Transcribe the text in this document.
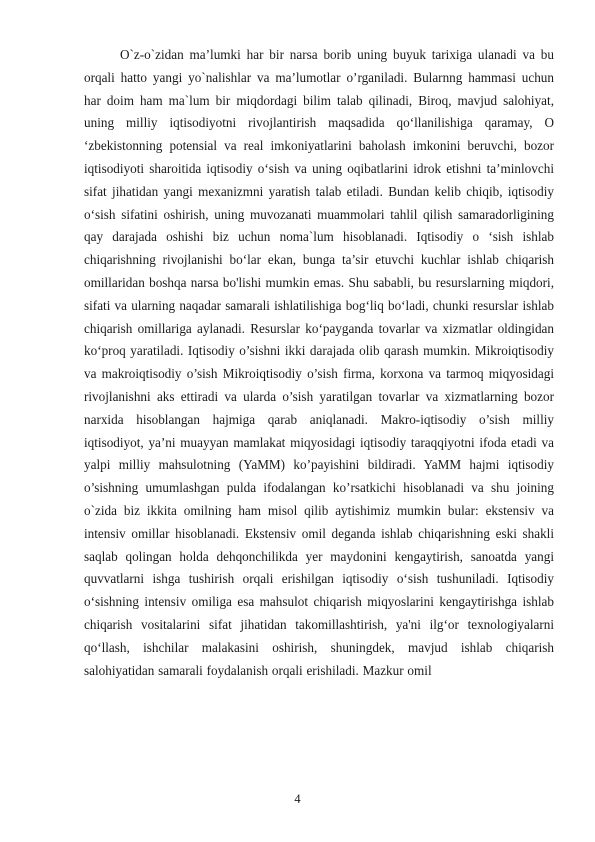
O`z-o`zidan ma’lumki har bir narsa borib uning buyuk tarixiga ulanadi va bu orqali hatto yangi yo`nalishlar va ma’lumotlar o’rganiladi. Bularnng hammasi uchun har doim ham ma`lum bir miqdordagi bilim talab qilinadi, Biroq, mavjud salohiyat, uning milliy iqtisodiyotni rivojlantirish maqsadida qo‘llanilishiga qaramay, O ‘zbekistonning potensial va real imkoniyatlarini baholash imkonini beruvchi, bozor iqtisodiyoti sharoitida iqtisodiy o‘sish va uning oqibatlarini idrok etishni ta’minlovchi sifat jihatidan yangi mexanizmni yaratish talab etiladi. Bundan kelib chiqib, iqtisodiy o‘sish sifatini oshirish, uning muvozanati muammolari tahlil qilish samaradorligining qay darajada oshishi biz uchun noma`lum hisoblanadi. Iqtisodiy o ‘sish ishlab chiqarishning rivojlanishi bo‘lar ekan, bunga ta’sir etuvchi kuchlar ishlab chiqarish omillaridan boshqa narsa bo'lishi mumkin emas. Shu sababli, bu resurslarning miqdori, sifati va ularning naqadar samarali ishlatilishiga bog‘liq bo‘ladi, chunki resurslar ishlab chiqarish omillariga aylanadi. Resurslar ko‘payganda tovarlar va xizmatlar oldingidan ko‘proq yaratiladi. Iqtisodiy o’sishni ikki darajada olib qarash mumkin. Mikroiqtisodiy va makroiqtisodiy o’sish Mikroiqtisodiy o’sish firma, korxona va tarmoq miqyosidagi rivojlanishni aks ettiradi va ularda o’sish yaratilgan tovarlar va xizmatlarning bozor narxida hisoblangan hajmiga qarab aniqlanadi. Makro-iqtisodiy o’sish milliy iqtisodiyot, ya’ni muayyan mamlakat miqyosidagi iqtisodiy taraqqiyotni ifoda etadi va yalpi milliy mahsulotning (YaMM) ko’payishini bildiradi. YaMM hajmi iqtisodiy o’sishning umumlashgan pulda ifodalangan ko’rsatkichi hisoblanadi va shu joining o`zida biz ikkita omilning ham misol qilib aytishimiz mumkin bular: ekstensiv va intensiv omillar hisoblanadi. Ekstensiv omil deganda ishlab chiqarishning eski shakli saqlab qolingan holda dehqonchilikda yer maydonini kengaytirish, sanoatda yangi quvvatlarni ishga tushirish orqali erishilgan iqtisodiy o‘sish tushuniladi. Iqtisodiy o‘sishning intensiv omiliga esa mahsulot chiqarish miqyoslarini kengaytirishga ishlab chiqarish vositalarini sifat jihatidan takomillashtirish, ya'ni ilg‘or texnologiyalarni qo‘llash, ishchilar malakasini oshirish, shuningdek, mavjud ishlab chiqarish salohiyatidan samarali foydalanish orqali erishiladi. Mazkur omil

4
